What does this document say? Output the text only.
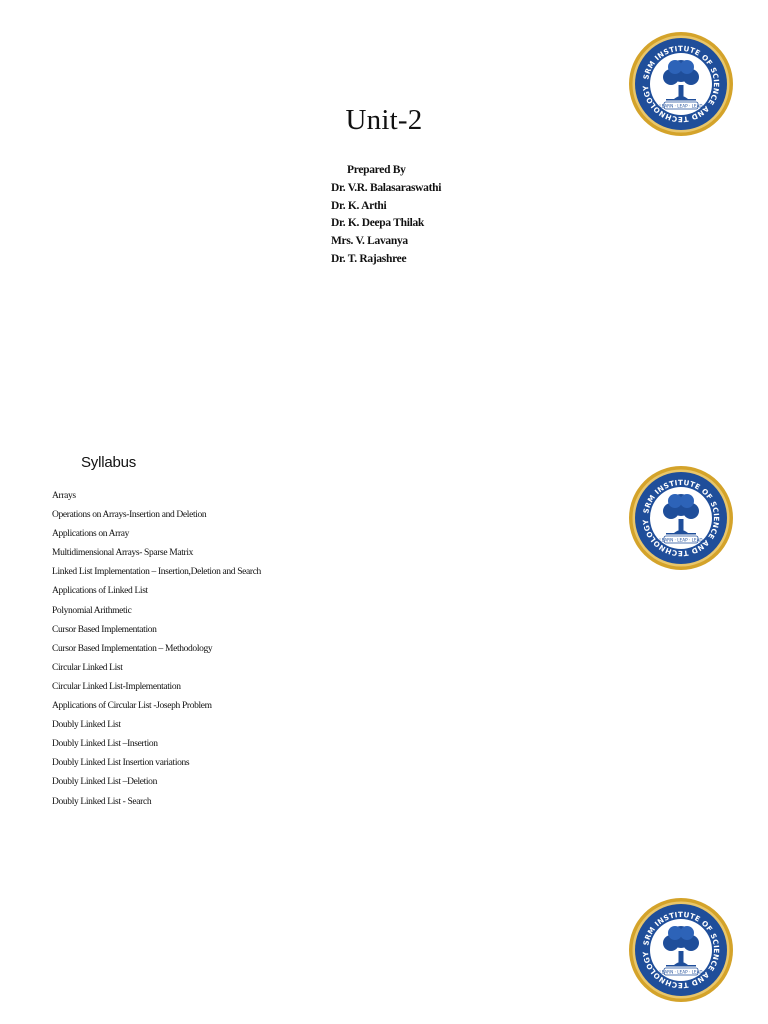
Unit-2
Prepared By
Dr. V.R. Balasaraswathi
Dr. K. Arthi
Dr. K. Deepa Thilak
Mrs. V. Lavanya
Dr. T. Rajashree
Syllabus
Arrays
Operations on Arrays-Insertion and Deletion
Applications on Array
Multidimensional Arrays- Sparse Matrix
Linked List Implementation – Insertion,Deletion and Search
Applications of Linked List
Polynomial Arithmetic
Cursor Based Implementation
Cursor Based Implementation – Methodology
Circular Linked List
Circular Linked List-Implementation
Applications of Circular List -Joseph Problem
Doubly Linked List
Doubly Linked List –Insertion
Doubly Linked List Insertion variations
Doubly Linked List –Deletion
Doubly Linked List - Search
